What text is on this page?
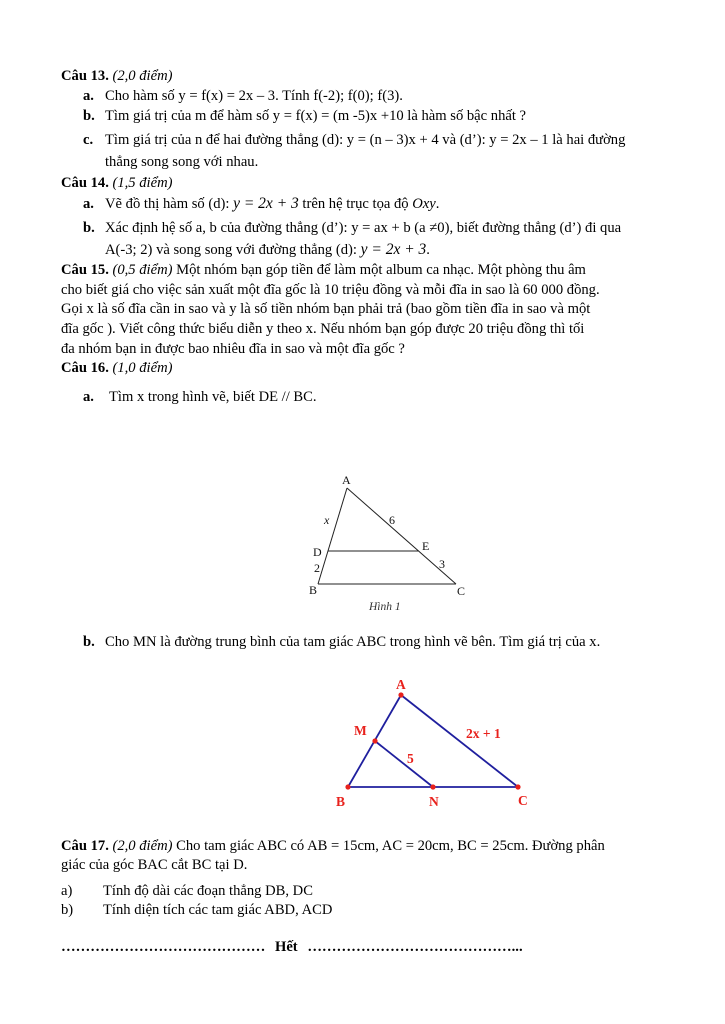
Câu 13. (2,0 điểm)
a. Cho hàm số y = f(x) = 2x – 3. Tính f(-2); f(0); f(3).
b. Tìm giá trị của m để hàm số y = f(x) = (m -5)x +10 là hàm số bậc nhất ?
c. Tìm giá trị của n để hai đường thẳng (d): y = (n – 3)x + 4 và (d’): y = 2x – 1 là hai đường
thẳng song song với nhau.
Câu 14. (1,5 điểm)
a. Vẽ đồ thị hàm số (d): y = 2x + 3 trên hệ trục tọa độ Oxy.
b. Xác định hệ số a, b của đường thẳng (d’): y = ax + b (a ≠0), biết đường thẳng (d’) đi qua
A(-3; 2) và song song với đường thẳng (d): y = 2x + 3.
Câu 15. (0,5 điểm) Một nhóm bạn góp tiền để làm một album ca nhạc. Một phòng thu âm
cho biết giá cho việc sản xuất một đĩa gốc là 10 triệu đồng và mỗi đĩa in sao là 60 000 đồng.
Gọi x là số đĩa cần in sao và y là số tiền nhóm bạn phải trả (bao gồm tiền đĩa in sao và một
đĩa gốc ). Viết công thức biểu diễn y theo x. Nếu nhóm bạn góp được 20 triệu đồng thì tối
đa nhóm bạn in được bao nhiêu đĩa in sao và một đĩa gốc ?
Câu 16. (1,0 điểm)
a. Tìm x trong hình vẽ, biết DE // BC.
A
x	6
D	E
2	3
B	C
Hình 1
b. Cho MN là đường trung bình của tam giác ABC trong hình vẽ bên. Tìm giá trị của x.
A
M
B	N	C
5
2x + 1
Câu 17. (2,0 điểm) Cho tam giác ABC có AB = 15cm, AC = 20cm, BC = 25cm. Đường phân
giác của góc BAC cắt BC tại D.
a) Tính độ dài các đoạn thẳng DB, DC
b) Tính diện tích các tam giác ABD, ACD
…………………………………… Hết ……………………………………...
